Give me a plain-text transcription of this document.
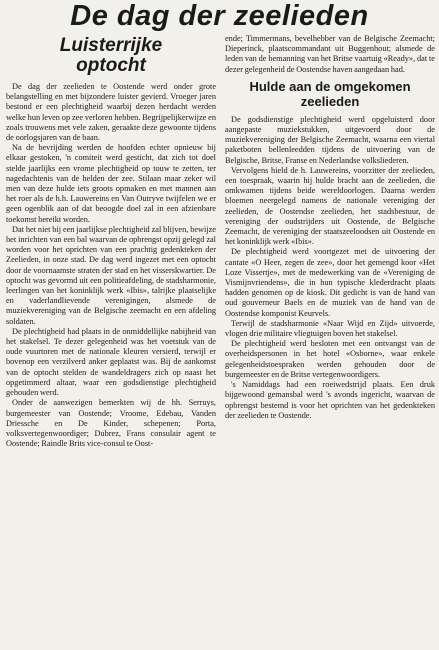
De dag der zeelieden
Luisterrijke
optocht

De dag der zeelieden te Oostende werd onder grote belangstelling en met bijzondere luister gevierd. Vroeger jaren bestond er een plechtigheid waarbij dezen herdacht werden welke hun leven op zee verloren hebben. Begrijpelijkerwijze en zoals trouwens met vele zaken, geraakte deze gewoonte tijdens de oorlogsjaren van de baan.

Na de bevrijding werden de hoofden echter opnieuw bij elkaar gestoken, 'n comiteit werd gesticht, dat zich tot doel stelde jaarlijks een vrome plechtigheid op touw te zetten, ter nagedachtenis van de helden der zee. Stilaan maar zeker wil men van deze hulde iets groots opmaken en met mannen aan het roer als de h.h. Lauwereins en Van Outryve twijfelen we er geen ogenblik aan of dat beoogde doel zal in een afzienbare toekomst bereikt worden.

Dat het niet bij een jaarlijkse plechtigheid zal blijven, bewijze het inrichten van een bal waarvan de opbrengst opzij gelegd zal worden voor het oprichten van een prachtig gedenkteken der Zeelieden, in onze stad. De dag werd ingezet met een optocht door de voornaamste straten der stad en het visserskwartier. De optocht was gevormd uit een politieafdeling, de stadsharmonie, leerlingen van het koninklijk werk «Ibis», talrijke plaatselijke en vaderlandlievende verenigingen, alsmede de muziekvereniging van de Belgische zeemacht en een afdeling soldaten.

De plechtigheid had plaats in de onmiddellijke nabijheid van het stakelsel. Te dezer gelegenheid was het voetstuk van de oude vuurtoren met de nationale kleuren versierd, terwijl er bovenop een verzilverd anker geplaatst was. Bij de aankomst van de optocht stelden de wandeldragers zich op naast het opgetimmerd altaar, waar een godsdienstige plechtigheid gehouden werd.

Onder de aanwezigen bemerkten wij de hh. Serruys, burgemeester van Oostende; Vroome, Edebau, Vanden Driessche en De Kinder, schepenen; Porta, volksvertegenwoordiger; Dubrez, Frans consulair agent te Oostende; Raindle Brits vice-consul te Oost-

ende; Timmermans, bevelhebber van de Belgische Zeemacht; Dieperinck, plaatscommandant uit Buggenhout; alsmede de leden van de bemanning van het Britse vaartuig «Ready», dat te dezer gelegenheid de Oostendse haven aangedaan had.

Hulde aan de omgekomen
zeelieden

De godsdienstige plechtigheid werd opgeluisterd door aangepaste muziekstukken, uitgevoerd door de muziekvereniging der Belgische Zeemacht, waarna een viertal paketboten bellenleedden tijdens de uitvoering van de Belgische, Britse, Franse en Nederlandse volksliederen.

Vervolgens hield de h. Lauwereins, voorzitter der zeelieden, een toespraak, waarin hij hulde bracht aan de zeelieden, die omkwamen tijdens beide wereldoorlogen. Daarna werden bloemen neergelegd namens de nationale vereniging der zeelieden, de Oostendse zeelieden, het stadsbestuur, de vereniging der oudstrijders uit Oostende, de Belgische Zeemacht, de vereniging der staatszeeloodsen uit Oostende en het koninklijk werk «Ibis».

De plechtigheid werd voortgezet met de uitvoering der cantate «O Heer, zegen de zee», door het gemengd koor «Het Loze Vissertje», met de medewerking van de «Vereniging de Vismijnvriendens», die in hun typische klederdracht plaats hadden genomen op de kiosk. Dit gedicht is van de hand van oud gouverneur Baels en de muziek van de hand van de Oostendse komponist Keurvels.

Terwijl de stadsharmonie «Naar Wijd en Zijd» uitvoerde, vlogen drie militaire vliegtuigen boven het stakelsel.

De plechtigheid werd besloten met een ontvangst van de overheidspersonen in het hotel «Osborne», waar enkele gelegenheidstoespraken werden gehouden door de burgemeester en de Britse vertegenwoordigers.

's Namiddags had een roeiwedstrijd plaats. Een druk bijgewoond gemansbal werd 's avonds ingericht, waarvan de opbrengst bestemd is voor het oprichten van het gedenkteken der zeelieden te Oostende.
